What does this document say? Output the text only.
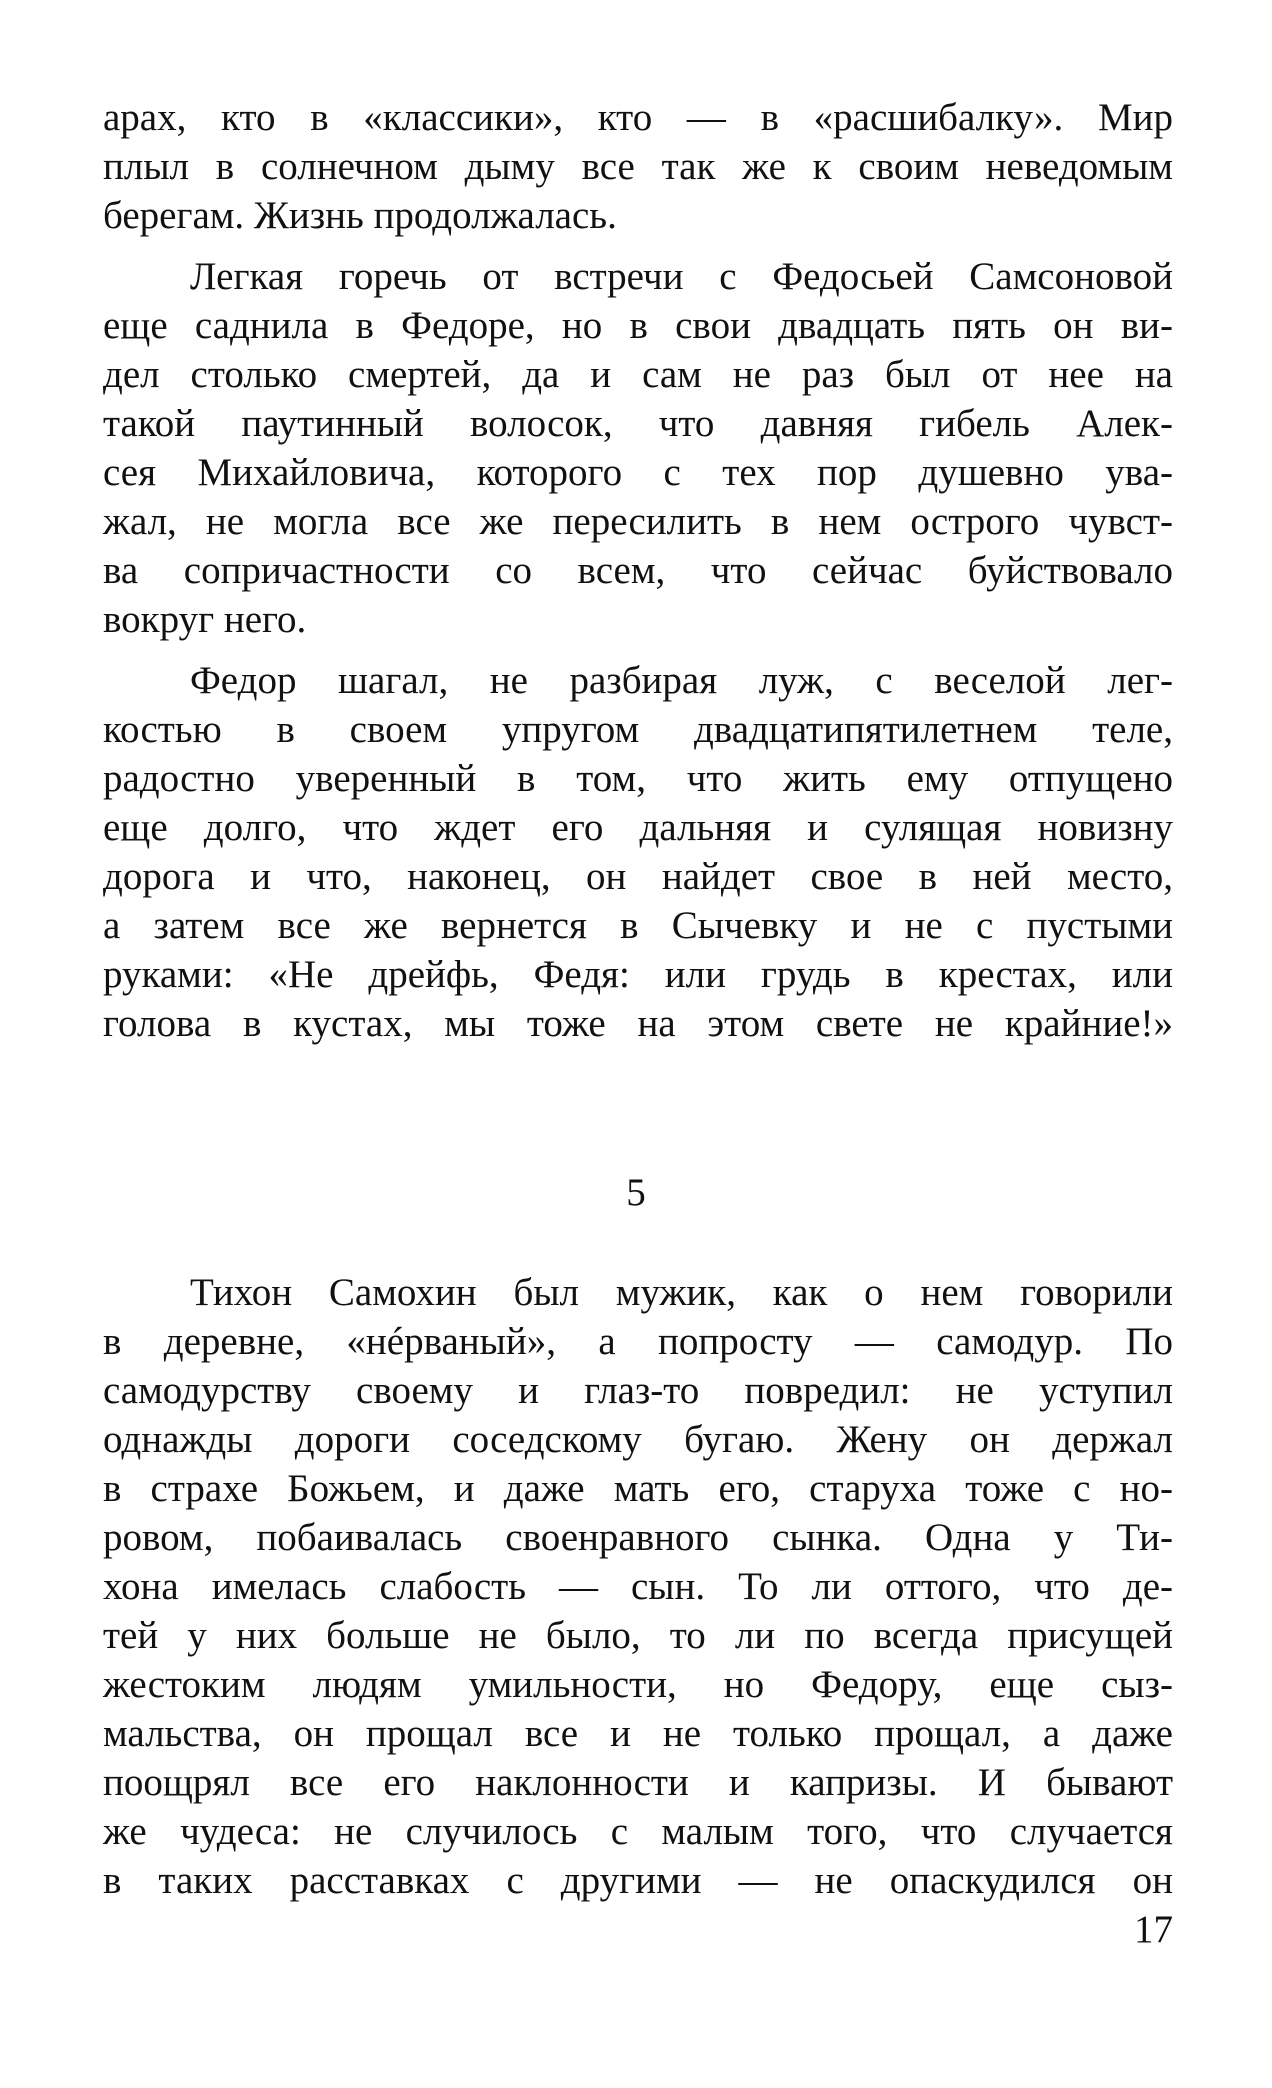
арах, кто в «классики», кто — в «расшибалку». Мир
плыл в солнечном дыму все так же к своим неведомым
берегам. Жизнь продолжалась.
Легкая горечь от встречи с Федосьей Самсоновой
еще саднила в Федоре, но в свои двадцать пять он ви-
дел столько смертей, да и сам не раз был от нее на
такой паутинный волосок, что давняя гибель Алек-
сея Михайловича, которого с тех пор душевно ува-
жал, не могла все же пересилить в нем острого чувст-
ва сопричастности со всем, что сейчас буйствовало
вокруг него.
Федор шагал, не разбирая луж, с веселой лег-
костью в своем упругом двадцатипятилетнем теле,
радостно уверенный в том, что жить ему отпущено
еще долго, что ждет его дальняя и сулящая новизну
дорога и что, наконец, он найдет свое в ней место,
а затем все же вернется в Сычевку и не с пустыми
руками: «Не дрейфь, Федя: или грудь в крестах, или
голова в кустах, мы тоже на этом свете не крайние!»
5
Тихон Самохин был мужик, как о нем говорили
в деревне, «нéрваный», а попросту — самодур. По
самодурству своему и глаз-то повредил: не уступил
однажды дороги соседскому бугаю. Жену он держал
в страхе Божьем, и даже мать его, старуха тоже с но-
ровом, побаивалась своенравного сынка. Одна у Ти-
хона имелась слабость — сын. То ли оттого, что де-
тей у них больше не было, то ли по всегда присущей
жестоким людям умильности, но Федору, еще сыз-
мальства, он прощал все и не только прощал, а даже
поощрял все его наклонности и капризы. И бывают
же чудеса: не случилось с малым того, что случается
в таких расставках с другими — не опаскудился он
17
